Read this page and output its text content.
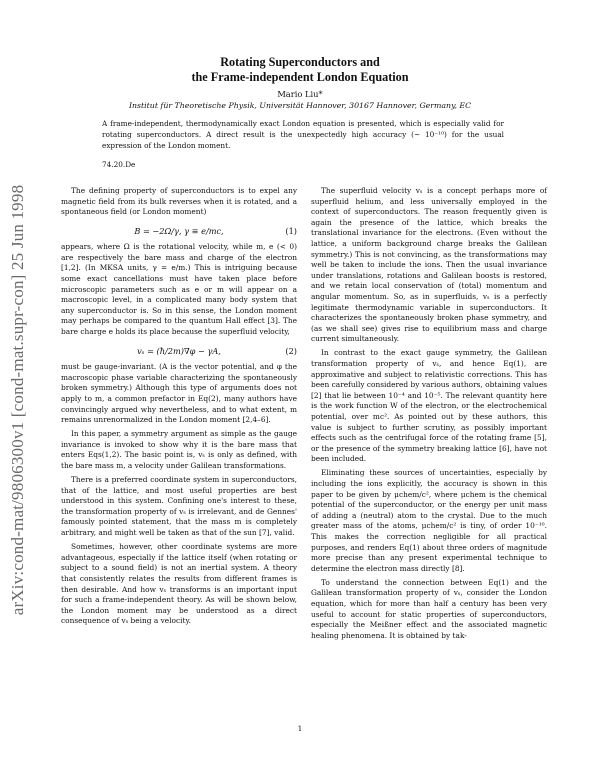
arXiv:cond-mat/9806300v1 [cond-mat.supr-con] 25 Jun 1998
Rotating Superconductors and
the Frame-independent London Equation
Mario Liu*
Institut für Theoretische Physik, Universität Hannover, 30167 Hannover, Germany, EC
A frame-independent, thermodynamically exact London equation is presented, which is especially valid for rotating superconductors. A direct result is the unexpectedly high accuracy (~ 10⁻¹⁰) for the usual expression of the London moment.
74.20.De

The defining property of superconductors is to expel any magnetic field from its bulk reverses when it is rotated, and a spontaneous field (or London moment)

B = −2Ω/γ, γ ≡ e/mc,	(1)

appears, where Ω is the rotational velocity, while m, e (< 0) are respectively the bare mass and charge of the electron [1,2]. (In MKSA units, γ = e/m.) This is intriguing because some exact cancellations must have taken place before microscopic parameters such as e or m will appear on a macroscopic level, in a complicated many body system that any superconductor is. So in this sense, the London moment may perhaps be compared to the quantum Hall effect [3]. The bare charge e holds its place because the superfluid velocity,

vₛ = (ħ/2m)∇φ − γA,	(2)

must be gauge-invariant. (A is the vector potential, and φ the macroscopic phase variable characterizing the spontaneously broken symmetry.) Although this type of arguments does not apply to m, a common prefactor in Eq(2), many authors have convincingly argued why nevertheless, and to what extent, m remains unrenormalized in the London moment [2,4–6].

In this paper, a symmetry argument as simple as the gauge invariance is invoked to show why it is the bare mass that enters Eqs(1,2). The basic point is, vₛ is only as defined, with the bare mass m, a velocity under Galilean transformations.

There is a preferred coordinate system in superconductors, that of the lattice, and most useful properties are best understood in this system. Confining one's interest to these, the transformation property of vₛ is irrelevant, and de Gennes' famously pointed statement, that the mass m is completely arbitrary, and might well be taken as that of the sun [7], valid.

Sometimes, however, other coordinate systems are more advantageous, especially if the lattice itself (when rotating or subject to a sound field) is not an inertial system. A theory that consistently relates the results from different frames is then desirable. And how vₛ transforms is an important input for such a frame-independent theory. As will be shown below, the London moment may be understood as a direct consequence of vₛ being a velocity.

The superfluid velocity vₛ is a concept perhaps more of superfluid helium, and less universally employed in the context of superconductors. The reason frequently given is again the presence of the lattice, which breaks the translational invariance for the electrons. (Even without the lattice, a uniform background charge breaks the Galilean symmetry.) This is not convincing, as the transformations may well be taken to include the ions. Then the usual invariance under translations, rotations and Galilean boosts is restored, and we retain local conservation of (total) momentum and angular momentum. So, as in superfluids, vₛ is a perfectly legitimate thermodynamic variable in superconductors. It characterizes the spontaneously broken phase symmetry, and (as we shall see) gives rise to equilibrium mass and charge current simultaneously.

In contrast to the exact gauge symmetry, the Galilean transformation property of vₛ, and hence Eq(1), are approximative and subject to relativistic corrections. This has been carefully considered by various authors, obtaining values [2] that lie between 10⁻⁴ and 10⁻⁵. The relevant quantity here is the work function W of the electron, or the electrochemical potential, over mc². As pointed out by these authors, this value is subject to further scrutiny, as possibly important effects such as the centrifugal force of the rotating frame [5], or the presence of the symmetry breaking lattice [6], have not been included.

Eliminating these sources of uncertainties, especially by including the ions explicitly, the accuracy is shown in this paper to be given by μchem/c², where μchem is the chemical potential of the superconductor, or the energy per unit mass of adding a (neutral) atom to the crystal. Due to the much greater mass of the atoms, μchem/c² is tiny, of order 10⁻¹⁰. This makes the correction negligible for all practical purposes, and renders Eq(1) about three orders of magnitude more precise than any present experimental technique to determine the electron mass directly [8].

To understand the connection between Eq(1) and the Galilean transformation property of vₛ, consider the London equation, which for more than half a century has been very useful to account for static properties of superconductors, especially the Meißner effect and the associated magnetic healing phenomena. It is obtained by tak-

1
